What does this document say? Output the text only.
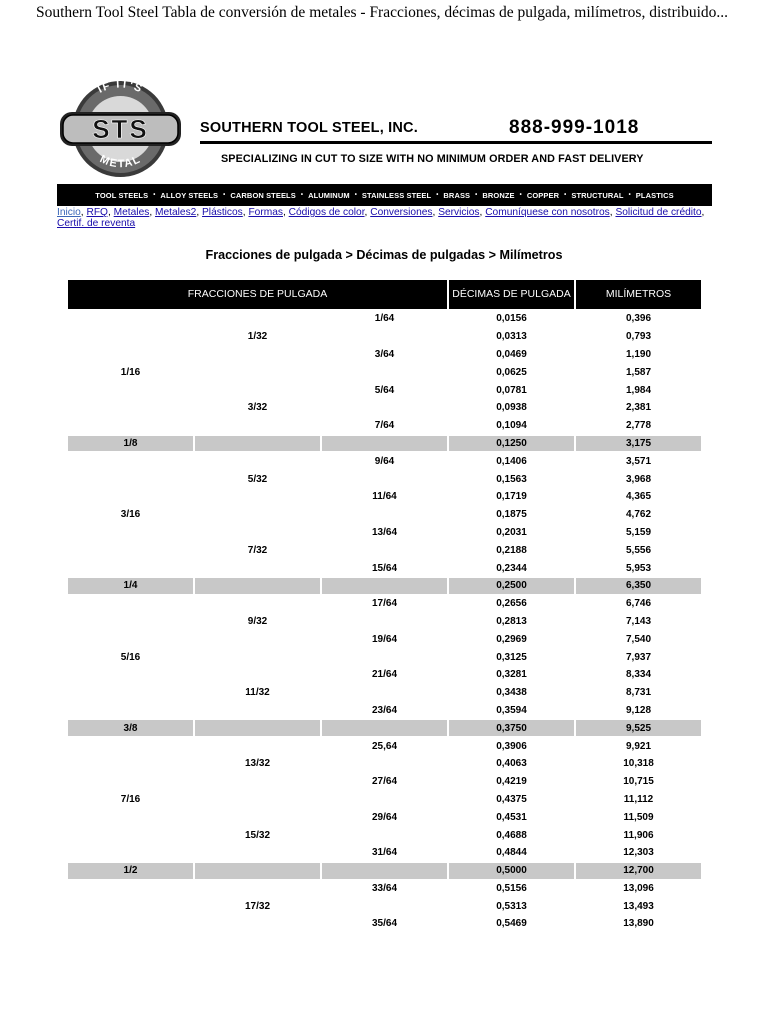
Southern Tool Steel Tabla de conversión de metales - Fracciones, décimas de pulgada, milímetros, distribuido...
IF IT'S
METAL
STS	SOUTHERN TOOL STEEL, INC.	888-999-1018
SPECIALIZING IN CUT TO SIZE WITH NO MINIMUM ORDER AND FAST DELIVERY
TOOL STEELS • ALLOY STEELS • CARBON STEELS • ALUMINUM • STAINLESS STEEL • BRASS • BRONZE • COPPER • STRUCTURAL • PLASTICS
Inicio, RFQ, Metales, Metales2, Plásticos, Formas, Códigos de color, Conversiones, Servicios, Comuníquese con nosotros, Solicitud de crédito, Certif. de reventa
Fracciones de pulgada > Décimas de pulgadas > Milímetros
FRACCIONES DE PULGADA			DÉCIMAS DE PULGADA	MILÍMETROS
		1/64	0,0156	0,396
	1/32		0,0313	0,793
		3/64	0,0469	1,190
1/16			0,0625	1,587
		5/64	0,0781	1,984
	3/32		0,0938	2,381
		7/64	0,1094	2,778
1/8			0,1250	3,175
		9/64	0,1406	3,571
	5/32		0,1563	3,968
		11/64	0,1719	4,365
3/16			0,1875	4,762
		13/64	0,2031	5,159
	7/32		0,2188	5,556
		15/64	0,2344	5,953
1/4			0,2500	6,350
		17/64	0,2656	6,746
	9/32		0,2813	7,143
		19/64	0,2969	7,540
5/16			0,3125	7,937
		21/64	0,3281	8,334
	11/32		0,3438	8,731
		23/64	0,3594	9,128
3/8			0,3750	9,525
		25,64	0,3906	9,921
	13/32		0,4063	10,318
		27/64	0,4219	10,715
7/16			0,4375	11,112
		29/64	0,4531	11,509
	15/32		0,4688	11,906
		31/64	0,4844	12,303
1/2			0,5000	12,700
		33/64	0,5156	13,096
	17/32		0,5313	13,493
		35/64	0,5469	13,890
